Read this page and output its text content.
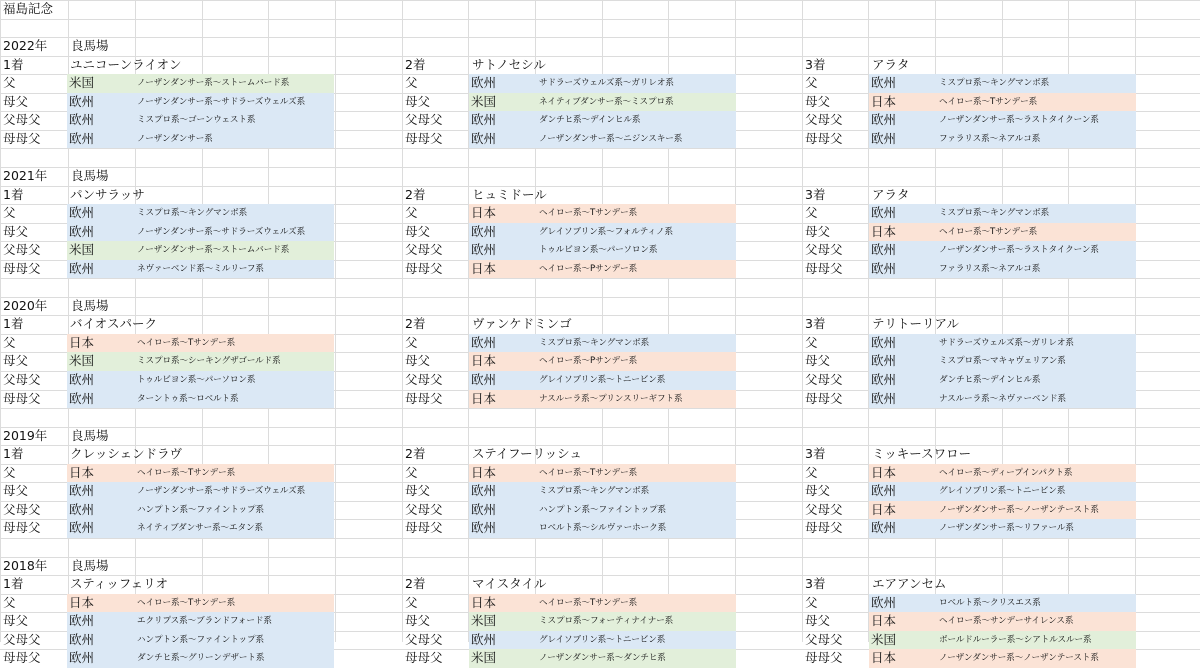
福島記念
2022年	良馬場
1着	ユニコーンライオン
父	米国	ノーザンダンサー系～ストームバード系
母父	欧州	ノーザンダンサー系～サドラーズウェルズ系
父母父	欧州	ミスプロ系～ゴーンウェスト系
母母父	欧州	ノーザンダンサー系
2着	サトノセシル
父	欧州	サドラーズウェルズ系～ガリレオ系
母父	米国	ネイティブダンサー系～ミスプロ系
父母父	欧州	ダンチヒ系～デインヒル系
母母父	欧州	ノーザンダンサー系～ニジンスキー系
3着	アラタ
父	欧州	ミスプロ系～キングマンボ系
母父	日本	ヘイロー系～Tサンデー系
父母父	欧州	ノーザンダンサー系～ラストタイクーン系
母母父	欧州	ファラリス系～ネアルコ系
2021年	良馬場
1着	パンサラッサ
父	欧州	ミスプロ系～キングマンボ系
母父	欧州	ノーザンダンサー系～サドラーズウェルズ系
父母父	米国	ノーザンダンサー系～ストームバード系
母母父	欧州	ネヴァーベンド系～ミルリーフ系
2着	ヒュミドール
父	日本	ヘイロー系～Tサンデー系
母父	欧州	グレイソブリン系～フォルティノ系
父母父	欧州	トゥルビヨン系～パーソロン系
母母父	日本	ヘイロー系～Pサンデー系
3着	アラタ
父	欧州	ミスプロ系～キングマンボ系
母父	日本	ヘイロー系～Tサンデー系
父母父	欧州	ノーザンダンサー系～ラストタイクーン系
母母父	欧州	ファラリス系～ネアルコ系
2020年	良馬場
1着	バイオスパーク
父	日本	ヘイロー系～Tサンデー系
母父	米国	ミスプロ系～シーキングザゴールド系
父母父	欧州	トゥルビヨン系～パーソロン系
母母父	欧州	ターントゥ系～ロベルト系
2着	ヴァンケドミンゴ
父	欧州	ミスプロ系～キングマンボ系
母父	日本	ヘイロー系～Pサンデー系
父母父	欧州	グレイソブリン系～トニービン系
母母父	日本	ナスルーラ系～プリンスリーギフト系
3着	テリトーリアル
父	欧州	サドラーズウェルズ系～ガリレオ系
母父	欧州	ミスプロ系～マキャヴェリアン系
父母父	欧州	ダンチヒ系～デインヒル系
母母父	欧州	ナスルーラ系～ネヴァーベンド系
2019年	良馬場
1着	クレッシェンドラヴ
父	日本	ヘイロー系～Tサンデー系
母父	欧州	ノーザンダンサー系～サドラーズウェルズ系
父母父	欧州	ハンプトン系～ファイントップ系
母母父	欧州	ネイティブダンサー系～エタン系
2着	ステイフーリッシュ
父	日本	ヘイロー系～Tサンデー系
母父	欧州	ミスプロ系～キングマンボ系
父母父	欧州	ハンプトン系～ファイントップ系
母母父	欧州	ロベルト系～シルヴァーホーク系
3着	ミッキースワロー
父	日本	ヘイロー系～ディープインパクト系
母父	欧州	グレイソブリン系～トニービン系
父母父	日本	ノーザンダンサー系～ノーザンテースト系
母母父	欧州	ノーザンダンサー系～リファール系
2018年	良馬場
1着	スティッフェリオ
父	日本	ヘイロー系～Tサンデー系
母父	欧州	エクリプス系～ブランドフォード系
父母父	欧州	ハンプトン系～ファイントップ系
母母父	欧州	ダンチヒ系～グリーンデザート系
2着	マイスタイル
父	日本	ヘイロー系～Tサンデー系
母父	米国	ミスプロ系～フォーティナイナー系
父母父	欧州	グレイソブリン系～トニービン系
母母父	米国	ノーザンダンサー系～ダンチヒ系
3着	エアアンセム
父	欧州	ロベルト系～クリスエス系
母父	日本	ヘイロー系～サンデーサイレンス系
父母父	米国	ボールドルーラー系～シアトルスルー系
母母父	日本	ノーザンダンサー系～ノーザンテースト系
